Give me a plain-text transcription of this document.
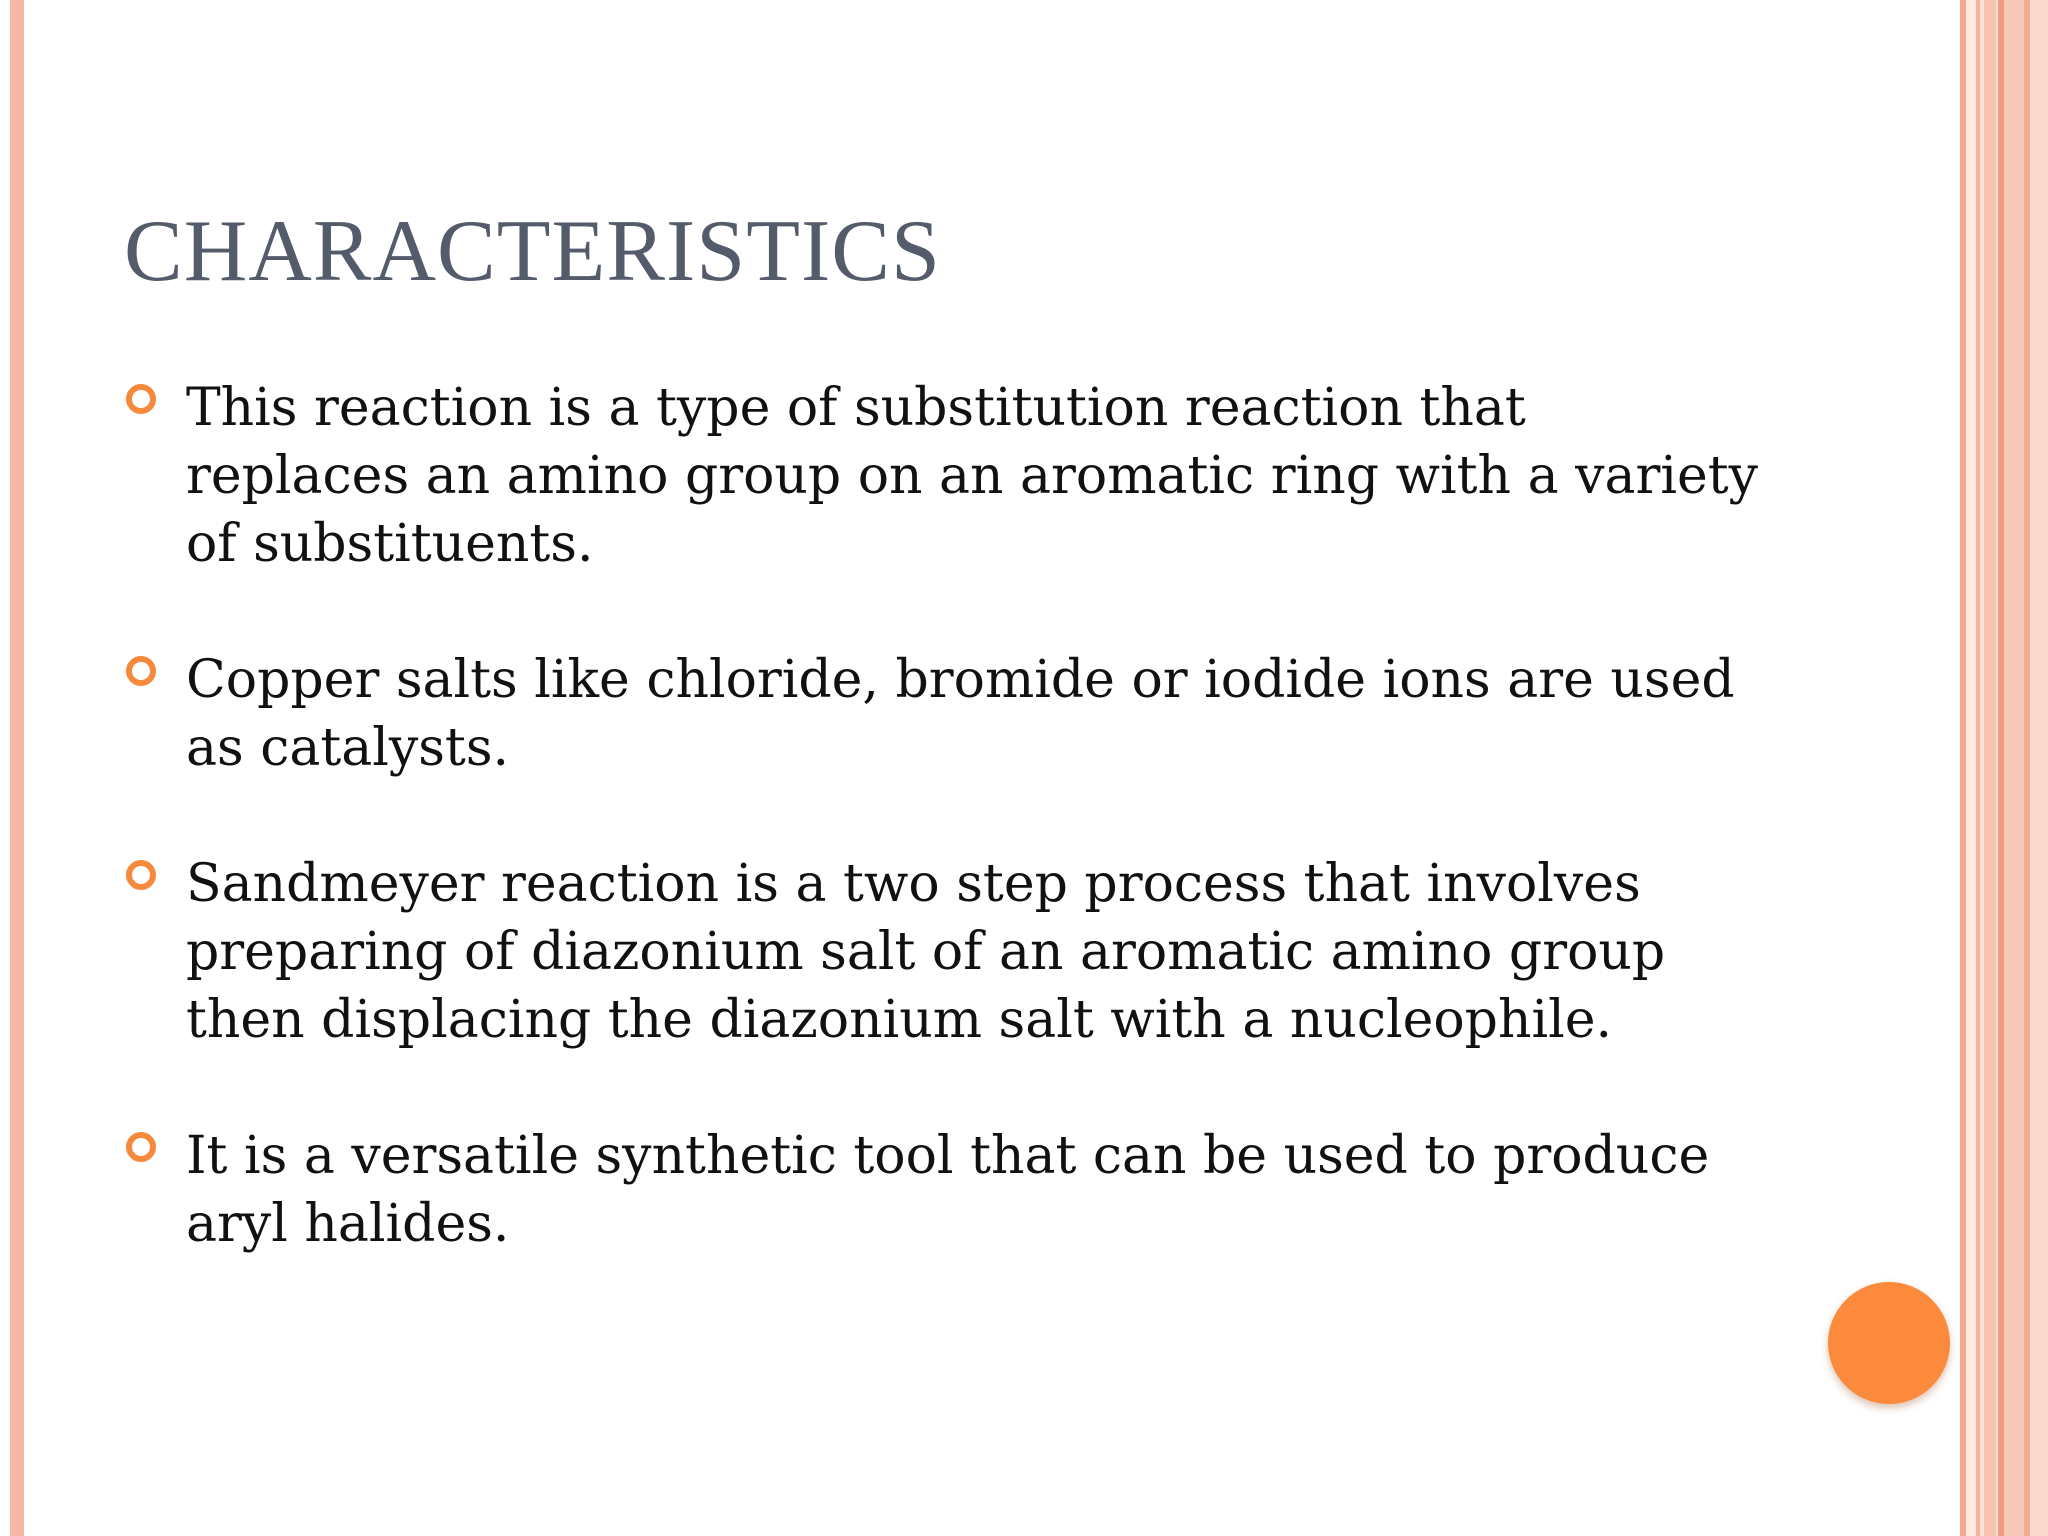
CHARACTERISTICS
This reaction is a type of substitution reaction that replaces an amino group on an aromatic ring with a variety of substituents.
Copper salts like chloride, bromide or iodide ions are used as catalysts.
Sandmeyer reaction is a two step process that involves preparing of diazonium salt of an aromatic amino group then displacing the diazonium salt with a nucleophile.
It is a versatile synthetic tool that can be used to produce aryl halides.
